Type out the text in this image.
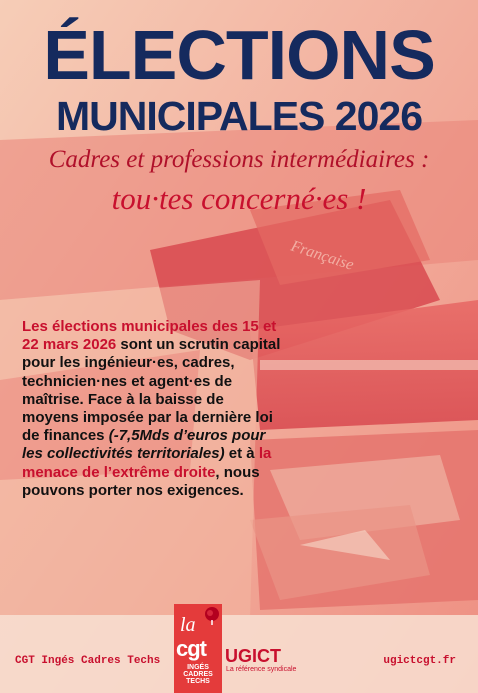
Française
ÉLECTIONS
MUNICIPALES 2026
Cadres et professions intermédiaires :
tou·tes concerné·es !
Les élections municipales des 15 et 22 mars 2026 sont un scrutin capital pour les ingénieur·es, cadres, technicien·nes et agent·es de maîtrise. Face à la baisse de moyens imposée par la dernière loi de finances (-7,5Mds d’euros pour les collectivités territoriales) et à la menace de l’extrême droite, nous pouvons porter nos exigences.
CGT Ingés Cadres Techs	ugictcgt.fr
la
cgt
INGÉS CADRES TECHS
UGICT
La référence syndicale
